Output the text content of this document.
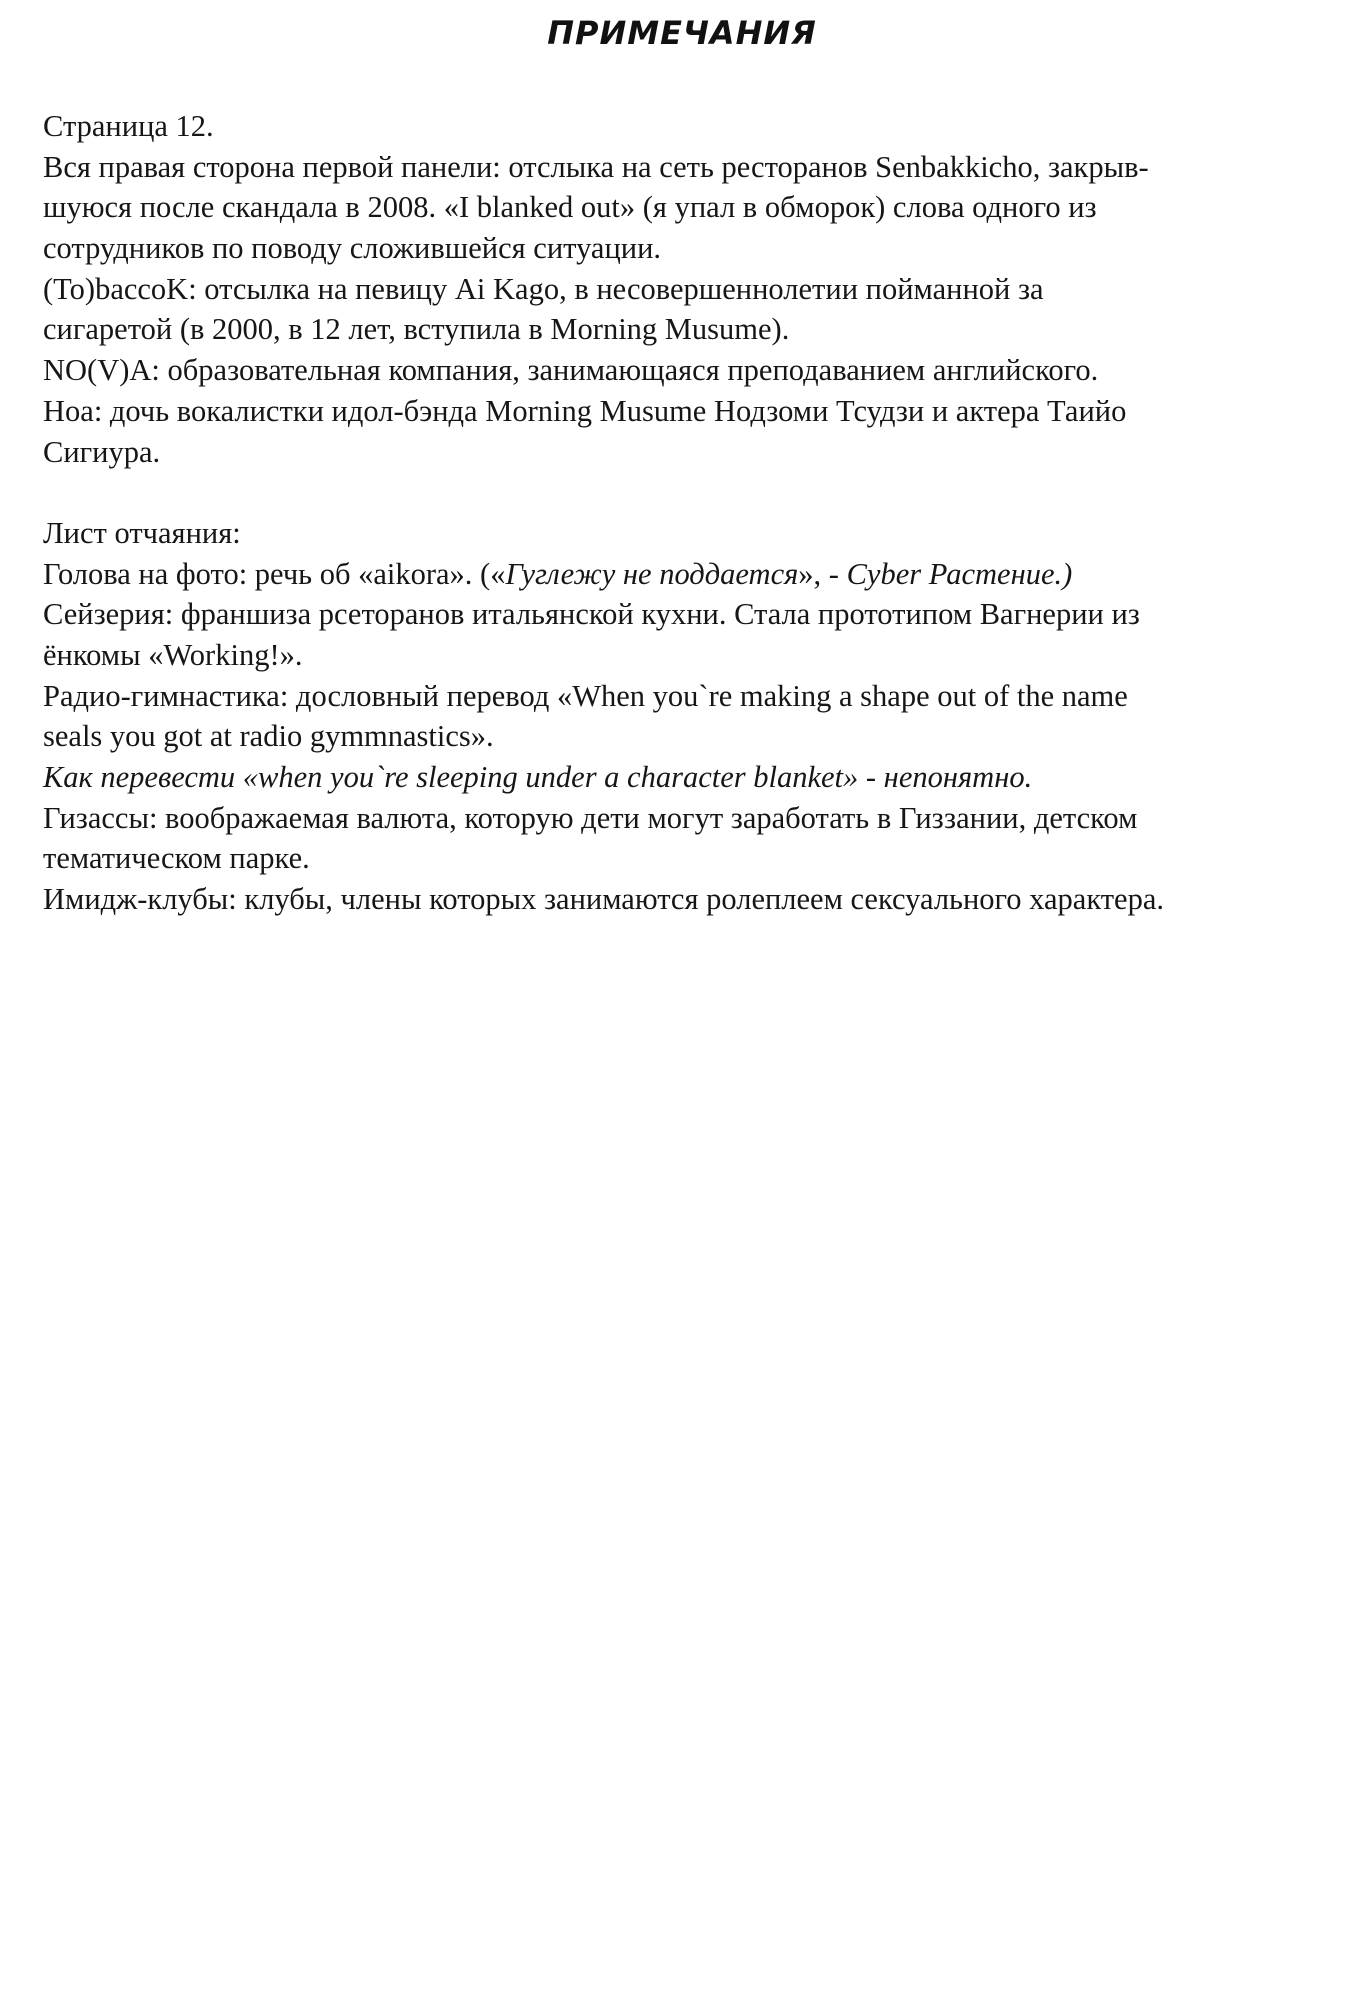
ПРИМЕЧАНИЯ
Страница 12.
Вся правая сторона первой панели: отслыка на сеть ресторанов Senbakkicho, закрыв-
шуюся после скандала в 2008. «I blanked out» (я упал в обморок) слова одного из
сотрудников по поводу сложившейся ситуации.
(To)baccoK: отсылка на певицу Ai Kago, в несовершеннолетии пойманной за
сигаретой (в 2000, в 12 лет, вступила в Morning Musume).
NO(V)A: образовательная компания, занимающаяся преподаванием английского.
Ноа: дочь вокалистки идол-бэнда Morning Musume Нодзоми Тсудзи и актера Таийо
Сигиура.
Лист отчаяния:
Голова на фото: речь об «aikora». («Гуглежу не поддается», - Cyber Растение.)
Сейзерия: франшиза рсеторанов итальянской кухни. Стала прототипом Вагнерии из
ёнкомы «Working!».
Радио-гимнастика: дословный перевод «When you`re making a shape out of the name
seals you got at radio gymmnastics».
Как перевести «when you`re sleeping under a character blanket» - непонятно.
Гизассы: воображаемая валюта, которую дети могут заработать в Гиззании, детском
тематическом парке.
Имидж-клубы: клубы, члены которых занимаются ролеплеем сексуального характера.
